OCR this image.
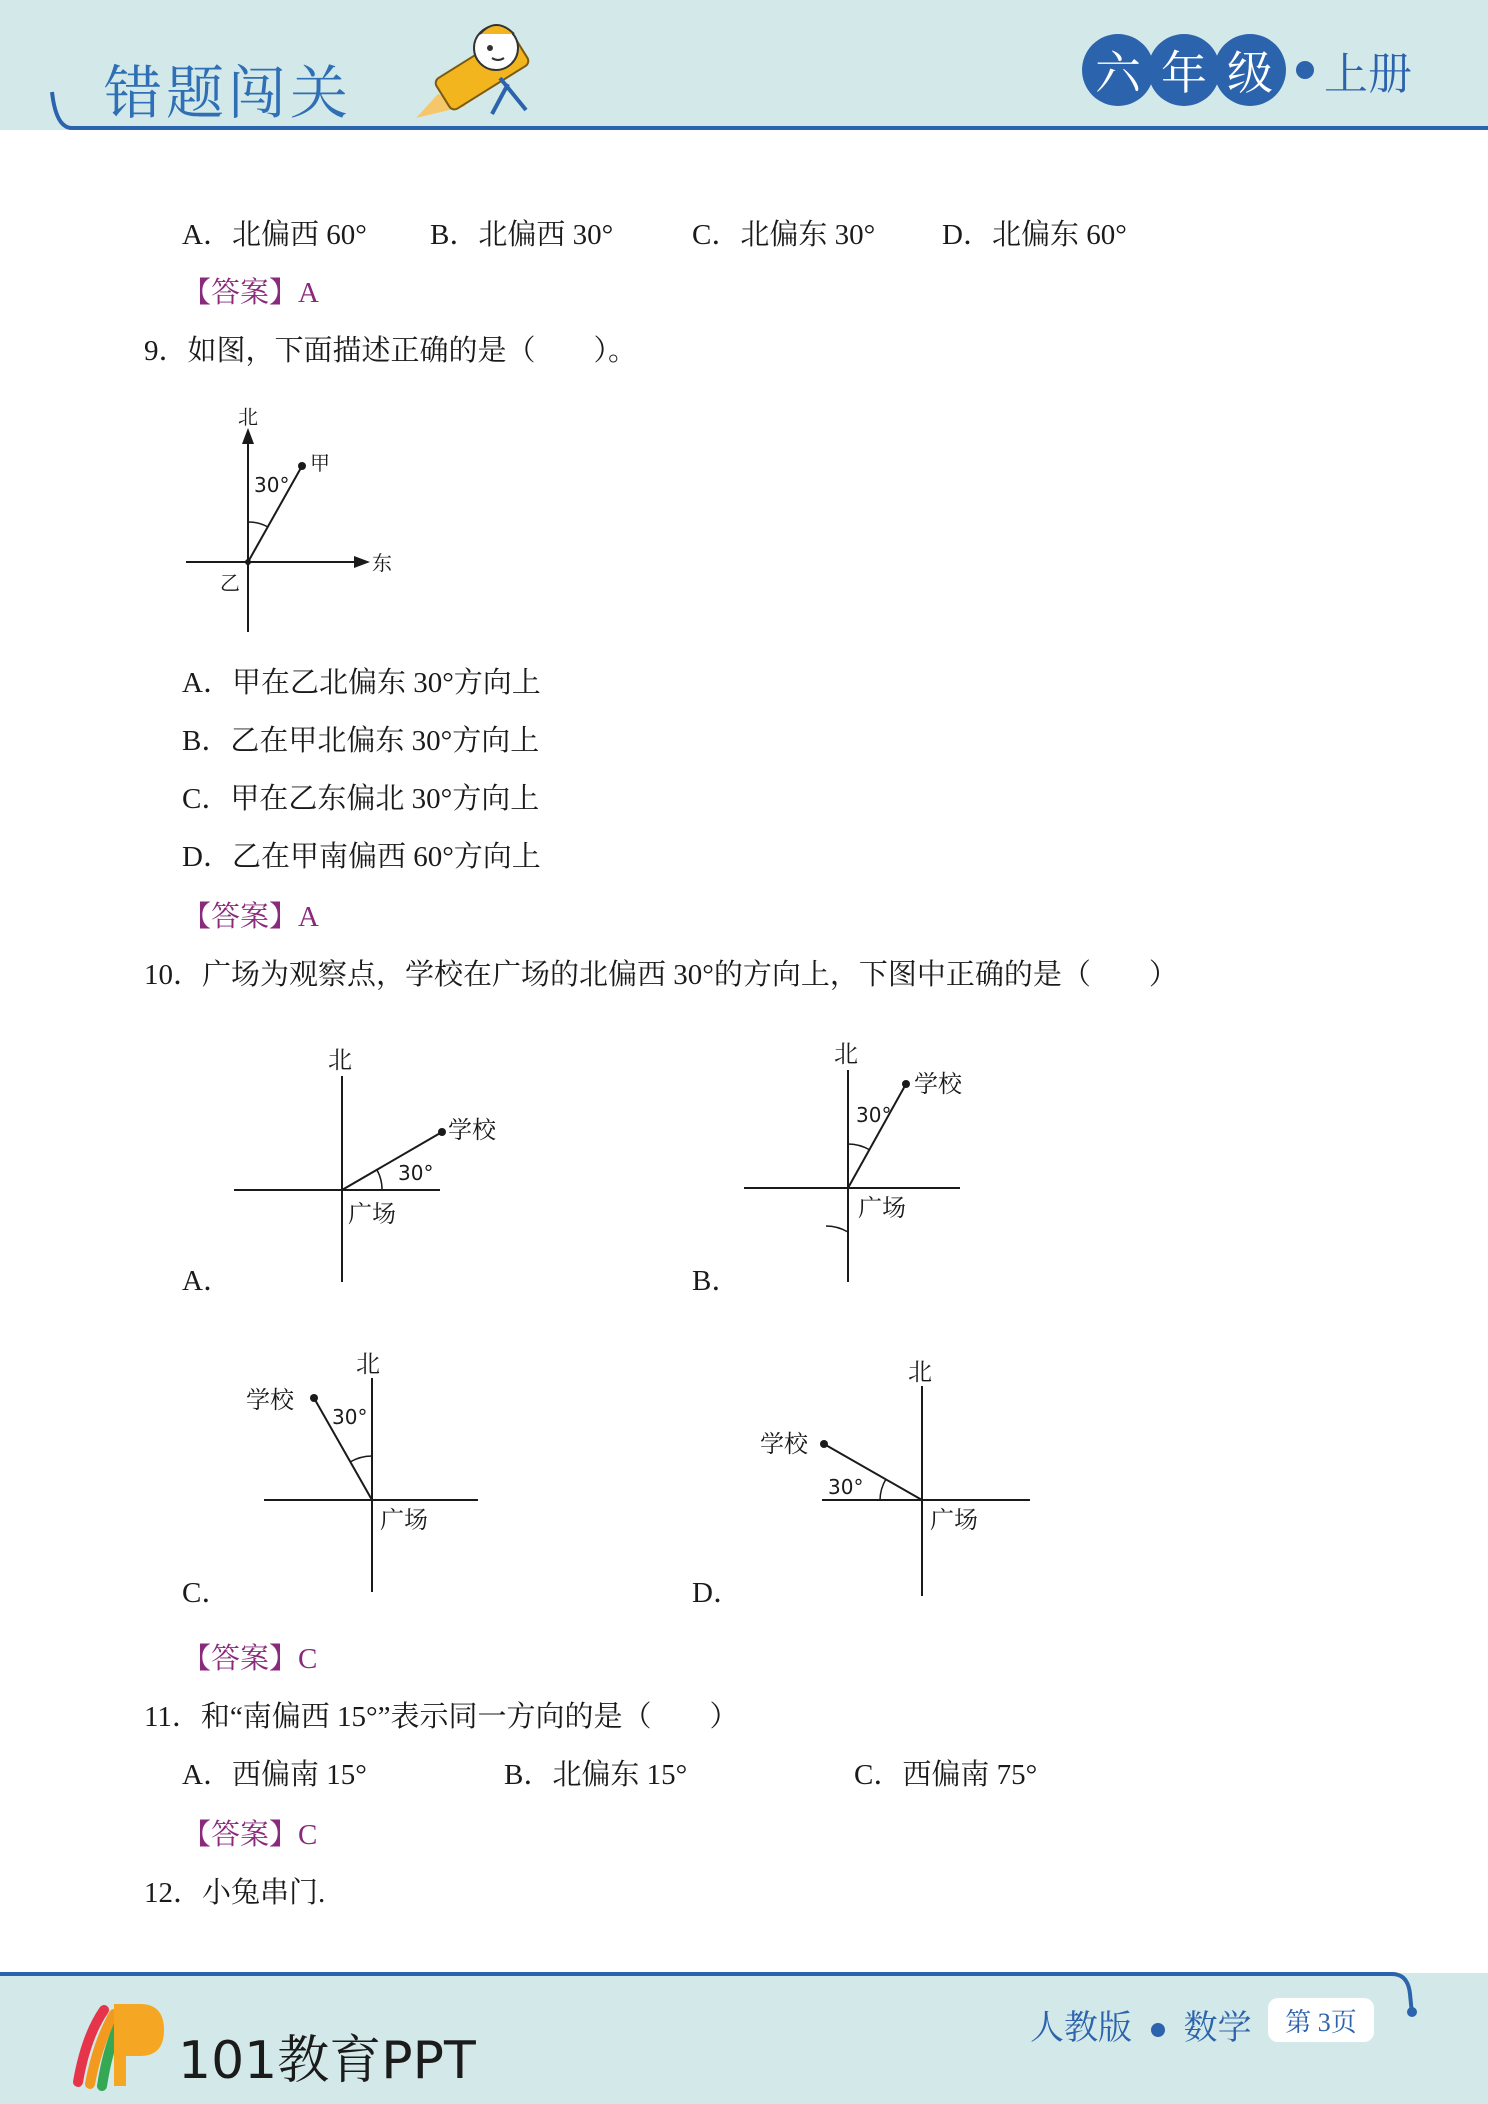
错题闯关	六 年 级 上册
A．北偏西 60° B．北偏西 30°	C．北偏东 30° D．北偏东 60°
【答案】A
9．如图，下面描述正确的是（　　）。
北
东
乙
甲
30°
A．甲在乙北偏东 30°方向上
B．乙在甲北偏东 30°方向上
C．甲在乙东偏北 30°方向上
D．乙在甲南偏西 60°方向上
【答案】A
10．广场为观察点，学校在广场的北偏西 30°的方向上，下图中正确的是（　　）
北
学校
30°
广场
A．
北
学校
30°
广场
B．
北
学校
30°
广场
C．
北
学校
30°
广场
D．
【答案】C
11．和“南偏西 15°”表示同一方向的是（　　）
A．西偏南 15°	B．北偏东 15°	C．西偏南 75°
【答案】C
12．小兔串门.
101教育PPT
人教版 数学	第 3页
